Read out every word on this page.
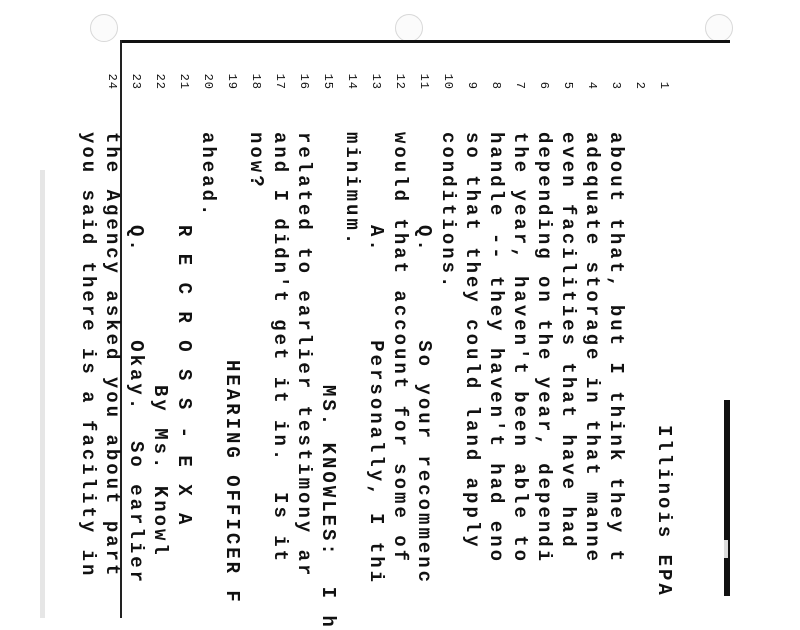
Illinois EPA

1

2

about that, but I think they t

3

adequate storage in that manne

4

even facilities that have had

5

depending on the year, dependi

6

the year, haven't been able to

7

handle -- they haven't had eno

8

so that they could land apply

9

conditions.

10

Q.      So your recommenc

11

would that account for some of

12

A.      Personally, I thi

13

minimum.

14

MS. KNOWLES:  I h

15

related to earlier testimony ar

16

and I didn't get it in.  Is it

17

now?

18

HEARING OFFICER F

19

ahead.

20

R E C R O S S - E X A

21

By Ms. Knowl

22

Q.      Okay.  So earlier

23

the Agency asked you about part

24

you said there is a facility in
